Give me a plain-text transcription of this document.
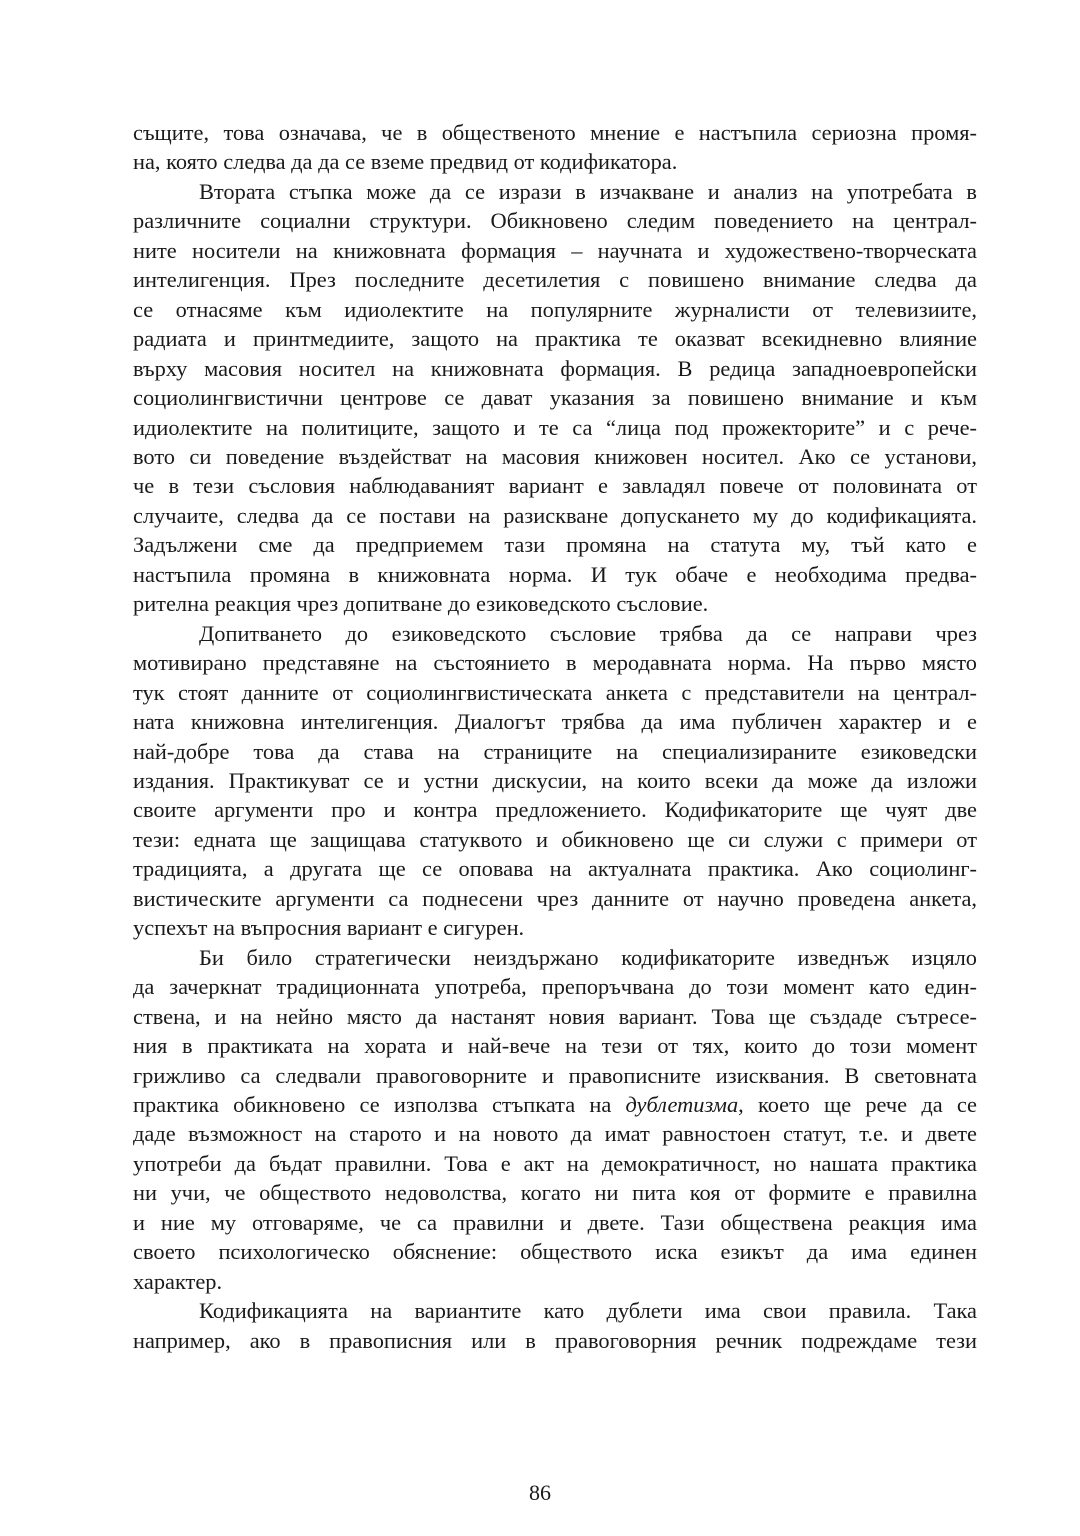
същите, това означава, че в общественото мнение е настъпила сериозна промя-
на, която следва да да се вземе предвид от кодификатора.
Втората стъпка може да се изрази в изчакване и анализ на употребата в
различните социални структури. Обикновено следим поведението на централ-
ните носители на книжовната формация – научната и художествено-творческата
интелигенция. През последните десетилетия с повишено внимание следва да
се отнасяме към идиолектите на популярните журналисти от телевизиите,
радиата и принтмедиите, защото на практика те оказват всекидневно влияние
върху масовия носител на книжовната формация. В редица западноевропейски
социолингвистични центрове се дават указания за повишено внимание и към
идиолектите на политиците, защото и те са “лица под прожекторите” и с рече-
вото си поведение въздействат на масовия книжовен носител. Ако се установи,
че в тези съсловия наблюдаваният вариант е завладял повече от половината от
случаите, следва да се постави на разискване допускането му до кодификацията.
Задължени сме да предприемем тази промяна на статута му, тъй като е
настъпила промяна в книжовната норма. И тук обаче е необходима предва-
рителна реакция чрез допитване до езиковедското съсловие.
Допитването до езиковедското съсловие трябва да се направи чрез
мотивирано представяне на състоянието в меродавната норма. На първо място
тук стоят данните от социолингвистическата анкета с представители на централ-
ната книжовна интелигенция. Диалогът трябва да има публичен характер и е
най-добре това да става на страниците на специализираните езиковедски
издания. Практикуват се и устни дискусии, на които всеки да може да изложи
своите аргументи про и контра предложението. Кодификаторите ще чуят две
тези: едната ще защищава статуквото и обикновено ще си служи с примери от
традицията, а другата ще се опoвава на актуалната практика. Ако социолинг-
вистическите аргументи са поднесени чрез данните от научно проведена анкета,
успехът на въпросния вариант е сигурен.
Би било стратегически неиздържано кодификаторите изведнъж изцяло
да зачеркнат традиционната употреба, препоръчвана до този момент като един-
ствена, и на нейно място да настанят новия вариант. Това ще създаде сътресе-
ния в практиката на хората и най-вече на тези от тях, които до този момент
грижливо са следвали правоговорните и правописните изисквания. В световната
практика обикновено се използва стъпката на дублетизма, което ще рече да се
даде възможност на старото и на новото да имат равностоен статут, т.е. и двете
употреби да бъдат правилни. Това е акт на демократичност, но нашата практика
ни учи, че обществото недоволства, когато ни пита коя от формите е правилна
и ние му отговаряме, че са правилни и двете. Тази обществена реакция има
своето психологическо обяснение: обществото иска езикът да има единен
характер.
Кодификацията на вариантите като дублети има свои правила. Така
например, ако в правописния или в правоговорния речник подреждаме тези
86
